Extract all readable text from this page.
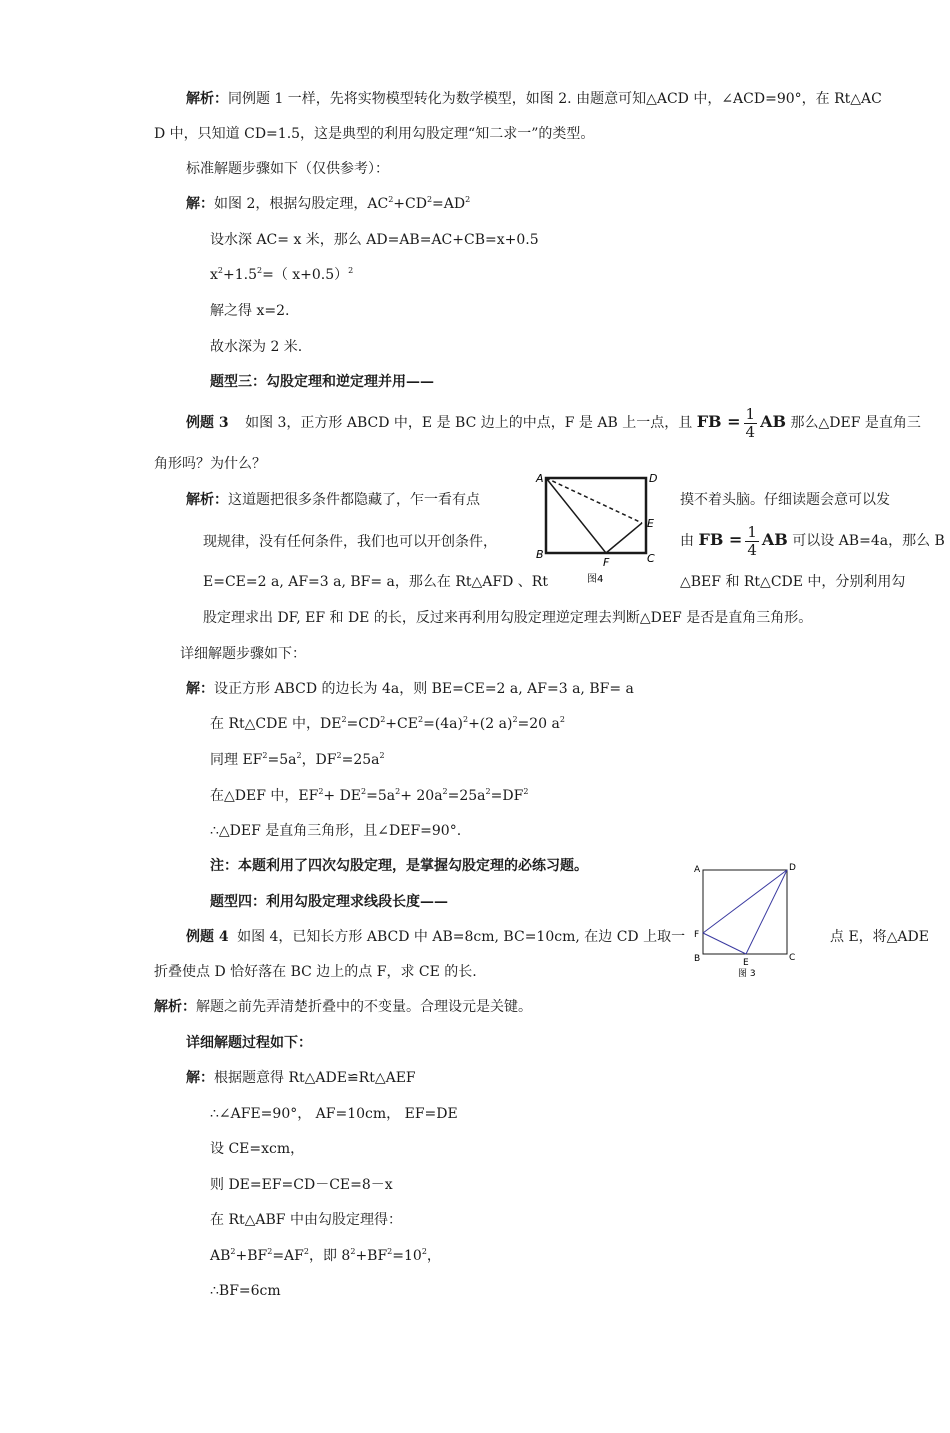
解析：同例题 1 一样，先将实物模型转化为数学模型，如图 2. 由题意可知△ACD 中，∠ACD=90°，在 Rt△AC
D 中，只知道 CD=1.5，这是典型的利用勾股定理“知二求一”的类型。
标准解题步骤如下（仅供参考）：
解：如图 2，根据勾股定理，$AC^2+CD^2=AD^2$
设水深 AC= x 米，那么 AD=AB=AC+CB=x+0.5
$x^2+1.5^2=$（ x+0.5）$^2$
解之得 x=2.
故水深为 2 米.
题型三：勾股定理和逆定理并用——
例题 3 如图 3，正方形 ABCD 中，E 是 BC 边上的中点，F 是 AB 上一点，且 FB = $\frac{1}{4}$ AB 那么△DEF 是直角三
角形吗？为什么？
解析：这道题把很多条件都隐藏了，乍一看有点	摸不着头脑。仔细读题会意可以发
现规律，没有任何条件，我们也可以开创条件，	由 FB = $\frac{1}{4}$ AB 可以设 AB=4a，那么 B
E=CE=2 a, AF=3 a, BF= a，那么在 Rt△AFD 、Rt	△BEF 和 Rt△CDE 中，分别利用勾
股定理求出 DF, EF 和 DE 的长，反过来再利用勾股定理逆定理去判断△DEF 是否是直角三角形。
详细解题步骤如下：
解：设正方形 ABCD 的边长为 4a，则 BE=CE=2 a, AF=3 a, BF= a
在 Rt△CDE 中，$DE^2=CD^2+CE^2=(4a)^2+(2$ a)$^2$=20 $a^2$
同理 $EF^2=5a^2$，$DF^2=25a^2$
在△DEF 中，$EF^2+ DE^2=5a^2+ 20a^2=25a^2=DF^2$
∴△DEF 是直角三角形，且∠DEF=90°.
注：本题利用了四次勾股定理，是掌握勾股定理的必练习题。
题型四：利用勾股定理求线段长度——
例题 4 如图 4，已知长方形 ABCD 中 AB=8cm, BC=10cm, 在边 CD 上取一	点 E，将△ADE
折叠使点 D 恰好落在 BC 边上的点 F，求 CE 的长.
解析：解题之前先弄清楚折叠中的不变量。合理设元是关键。
详细解题过程如下：
解：根据题意得 Rt△ADE≌Rt△AEF
∴∠AFE=90°， AF=10cm， EF=DE
设 CE=xcm，
则 DE=EF=CD－CE=8－x
在 Rt△ABF 中由勾股定理得：
$AB^2+BF^2=AF^2$，即 $8^2+BF^2=10^2$，
∴BF=6cm
A	D
B	C
E
F
图4
A	D
F
B	C
E
图 3
